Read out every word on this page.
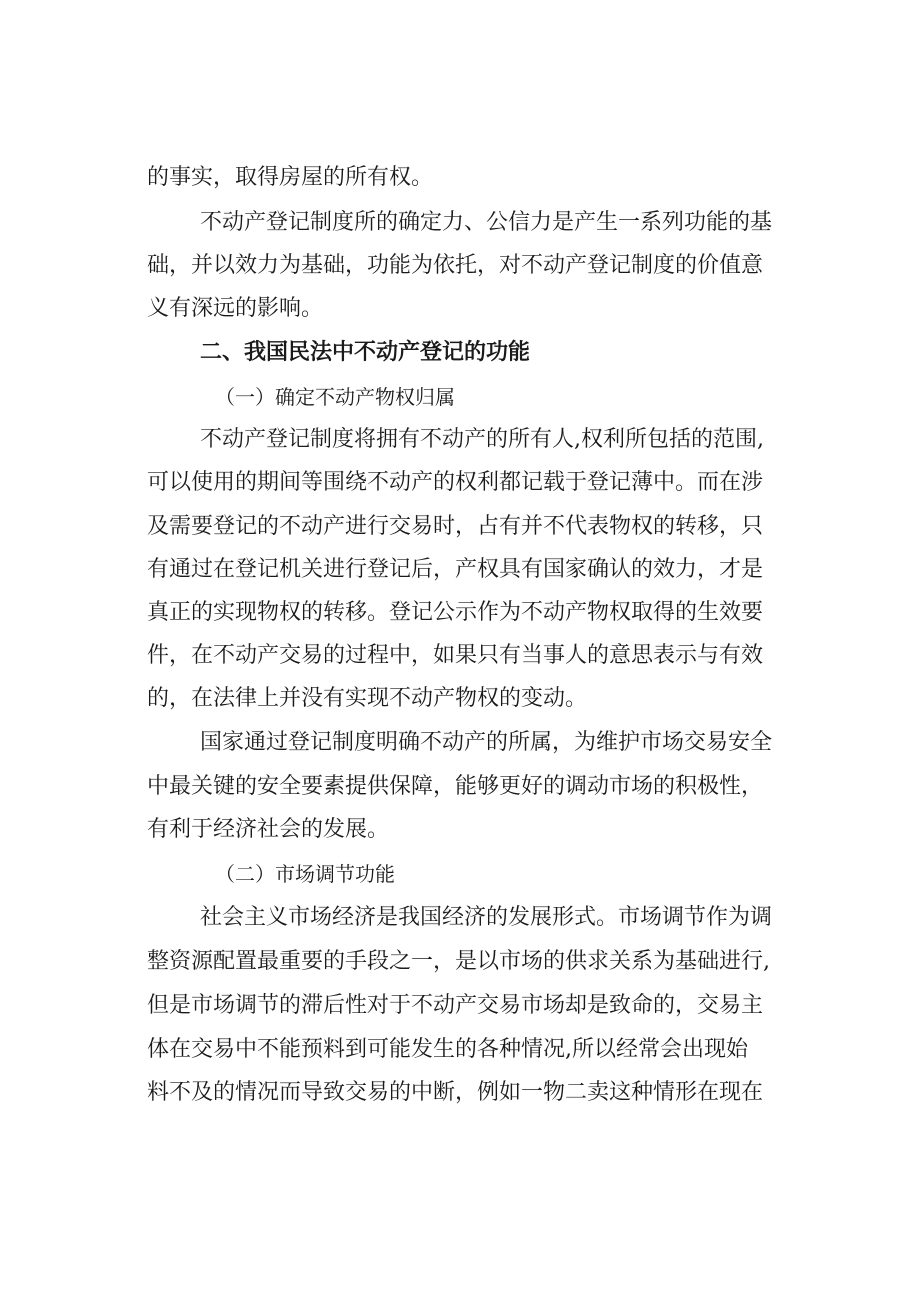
的事实，取得房屋的所有权。

不动产登记制度所的确定力、公信力是产生一系列功能的基

础，并以效力为基础，功能为依托，对不动产登记制度的价值意

义有深远的影响。

二、我国民法中不动产登记的功能

（一）确定不动产物权归属

不动产登记制度将拥有不动产的所有人,权利所包括的范围,

可以使用的期间等围绕不动产的权利都记载于登记薄中。而在涉

及需要登记的不动产进行交易时，占有并不代表物权的转移，只

有通过在登记机关进行登记后，产权具有国家确认的效力，才是

真正的实现物权的转移。登记公示作为不动产物权取得的生效要

件，在不动产交易的过程中，如果只有当事人的意思表示与有效

的，在法律上并没有实现不动产物权的变动。

国家通过登记制度明确不动产的所属，为维护市场交易安全

中最关键的安全要素提供保障，能够更好的调动市场的积极性，

有利于经济社会的发展。

（二）市场调节功能

社会主义市场经济是我国经济的发展形式。市场调节作为调

整资源配置最重要的手段之一，是以市场的供求关系为基础进行,

但是市场调节的滞后性对于不动产交易市场却是致命的，交易主

体在交易中不能预料到可能发生的各种情况,所以经常会出现始

料不及的情况而导致交易的中断，例如一物二卖这种情形在现在
